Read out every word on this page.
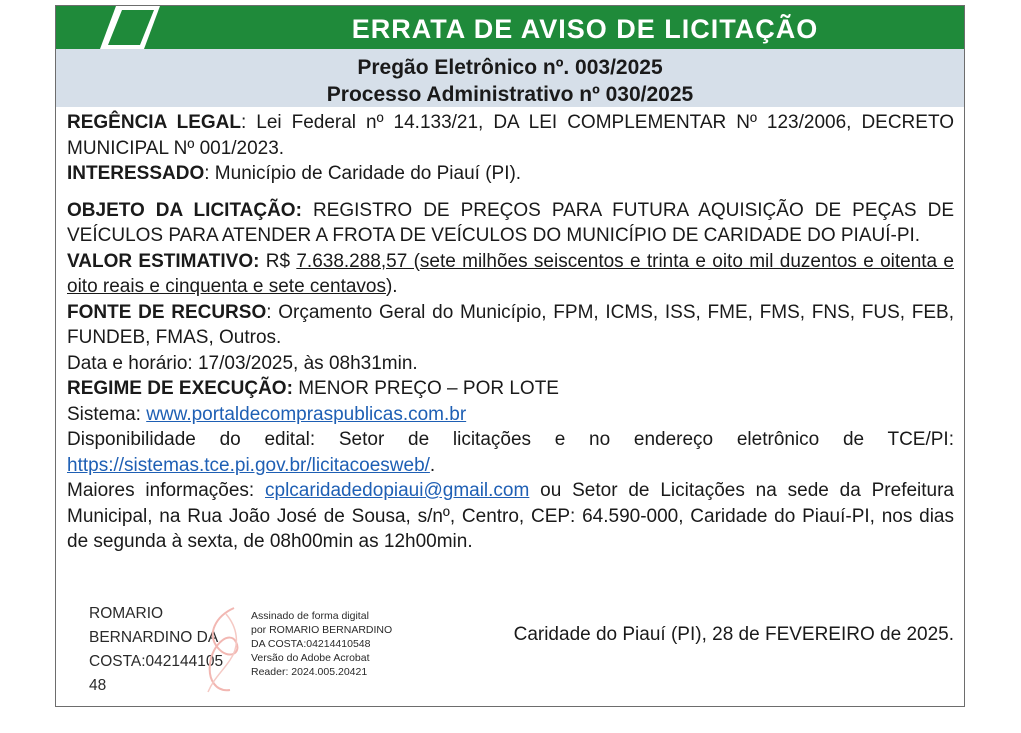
ERRATA DE AVISO DE LICITAÇÃO
Pregão Eletrônico nº. 003/2025
Processo Administrativo nº 030/2025

REGÊNCIA LEGAL: Lei Federal nº 14.133/21, DA LEI COMPLEMENTAR Nº 123/2006, DECRETO MUNICIPAL Nº 001/2023.

INTERESSADO: Município de Caridade do Piauí (PI).

OBJETO DA LICITAÇÃO: REGISTRO DE PREÇOS PARA FUTURA AQUISIÇÃO DE PEÇAS DE VEÍCULOS PARA ATENDER A FROTA DE VEÍCULOS DO MUNICÍPIO DE CARIDADE DO PIAUÍ-PI.

VALOR ESTIMATIVO: R$ 7.638.288,57 (sete milhões seiscentos e trinta e oito mil duzentos e oitenta e oito reais e cinquenta e sete centavos).

FONTE DE RECURSO: Orçamento Geral do Município, FPM, ICMS, ISS, FME, FMS, FNS, FUS, FEB, FUNDEB, FMAS, Outros.

Data e horário: 17/03/2025, às 08h31min.

REGIME DE EXECUÇÃO: MENOR PREÇO – POR LOTE

Sistema: www.portaldecompraspublicas.com.br

Disponibilidade do edital: Setor de licitações e no endereço eletrônico de TCE/PI: https://sistemas.tce.pi.gov.br/licitacoesweb/.

Maiores informações: cplcaridadedopiaui@gmail.com ou Setor de Licitações na sede da Prefeitura Municipal, na Rua João José de Sousa, s/nº, Centro, CEP: 64.590-000, Caridade do Piauí-PI, nos dias de segunda à sexta, de 08h00min as 12h00min.

ROMARIO
BERNARDINO DA
COSTA:042144105
48
Assinado de forma digital
por ROMARIO BERNARDINO
DA COSTA:04214410548
Versão do Adobe Acrobat
Reader: 2024.005.20421
Caridade do Piauí (PI), 28 de FEVEREIRO de 2025.
